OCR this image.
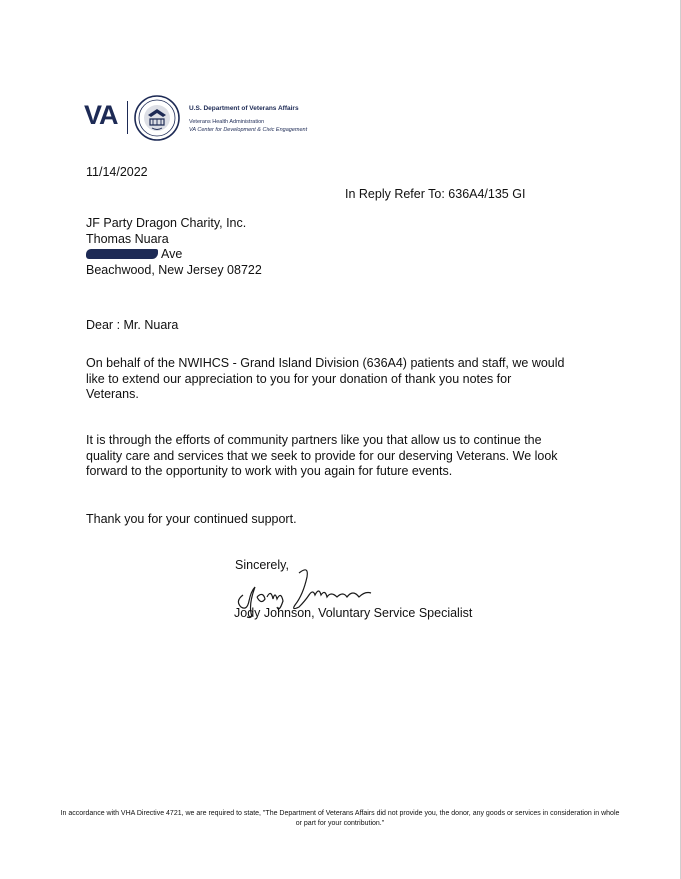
VA	U.S. Department of Veterans Affairs
Veterans Health Administration
VA Center for Development & Civic Engagement
11/14/2022
In Reply Refer To: 636A4/135 GI
JF Party Dragon Charity, Inc.
Thomas Nuara
Ave
Beachwood, New Jersey 08722
Dear : Mr. Nuara
On behalf of the NWIHCS - Grand Island Division (636A4) patients and staff, we would like to extend our appreciation to you for your donation of thank you notes for Veterans.
It is through the efforts of community partners like you that allow us to continue the quality care and services that we seek to provide for our deserving Veterans. We look forward to the opportunity to work with you again for future events.
Thank you for your continued support.
Sincerely,
Jody Johnson, Voluntary Service Specialist
In accordance with VHA Directive 4721, we are required to state, "The Department of Veterans Affairs did not provide you, the donor, any goods or services in consideration in whole or part for your contribution."
